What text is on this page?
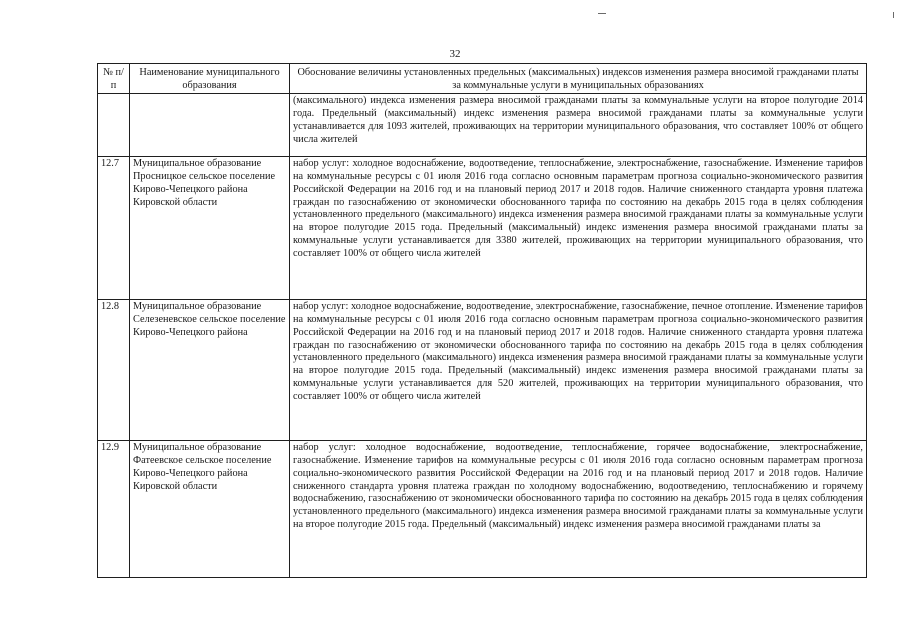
32
№ п/п	Наименование муниципального образования	Обоснование величины установленных предельных (максимальных) индексов изменения размера вносимой гражданами платы за коммунальные услуги в муниципальных образованиях
		(максимального) индекса изменения размера вносимой гражданами платы за коммунальные услуги на второе полугодие 2014 года. Предельный (максимальный) индекс изменения размера вносимой гражданами платы за коммунальные услуги устанавливается для 1093 жителей, проживающих на территории муниципального образования, что составляет 100% от общего числа жителей
12.7	Муниципальное образование Просницкое сельское поселение Кирово-Чепецкого района Кировской области	набор услуг: холодное водоснабжение, водоотведение, теплоснабжение, электроснабжение, газоснабжение. Изменение тарифов на коммунальные ресурсы с 01 июля 2016 года согласно основным параметрам прогноза социально-экономического развития Российской Федерации на 2016 год и на плановый период 2017 и 2018 годов. Наличие сниженного стандарта уровня платежа граждан по газоснабжению от экономически обоснованного тарифа по состоянию на декабрь 2015 года в целях соблюдения установленного предельного (максимального) индекса изменения размера вносимой гражданами платы за коммунальные услуги на второе полугодие 2015 года. Предельный (максимальный) индекс изменения размера вносимой гражданами платы за коммунальные услуги устанавливается для 3380 жителей, проживающих на территории муниципального образования, что составляет 100% от общего числа жителей
12.8	Муниципальное образование Селезеневское сельское поселение Кирово-Чепецкого района	набор услуг: холодное водоснабжение, водоотведение, электроснабжение, газоснабжение, печное отопление. Изменение тарифов на коммунальные ресурсы с 01 июля 2016 года согласно основным параметрам прогноза социально-экономического развития Российской Федерации на 2016 год и на плановый период 2017 и 2018 годов. Наличие сниженного стандарта уровня платежа граждан по газоснабжению от экономически обоснованного тарифа по состоянию на декабрь 2015 года в целях соблюдения установленного предельного (максимального) индекса изменения размера вносимой гражданами платы за коммунальные услуги на второе полугодие 2015 года. Предельный (максимальный) индекс изменения размера вносимой гражданами платы за коммунальные услуги устанавливается для 520 жителей, проживающих на территории муниципального образования, что составляет 100% от общего числа жителей
12.9	Муниципальное образование Фатеевское сельское поселение Кирово-Чепецкого района Кировской области	набор услуг: холодное водоснабжение, водоотведение, теплоснабжение, горячее водоснабжение, электроснабжение, газоснабжение. Изменение тарифов на коммунальные ресурсы с 01 июля 2016 года согласно основным параметрам прогноза социально-экономического развития Российской Федерации на 2016 год и на плановый период 2017 и 2018 годов. Наличие сниженного стандарта уровня платежа граждан по холодному водоснабжению, водоотведению, теплоснабжению и горячему водоснабжению, газоснабжению от экономически обоснованного тарифа по состоянию на декабрь 2015 года в целях соблюдения установленного предельного (максимального) индекса изменения размера вносимой гражданами платы за коммунальные услуги на второе полугодие 2015 года. Предельный (максимальный) индекс изменения размера вносимой гражданами платы за
